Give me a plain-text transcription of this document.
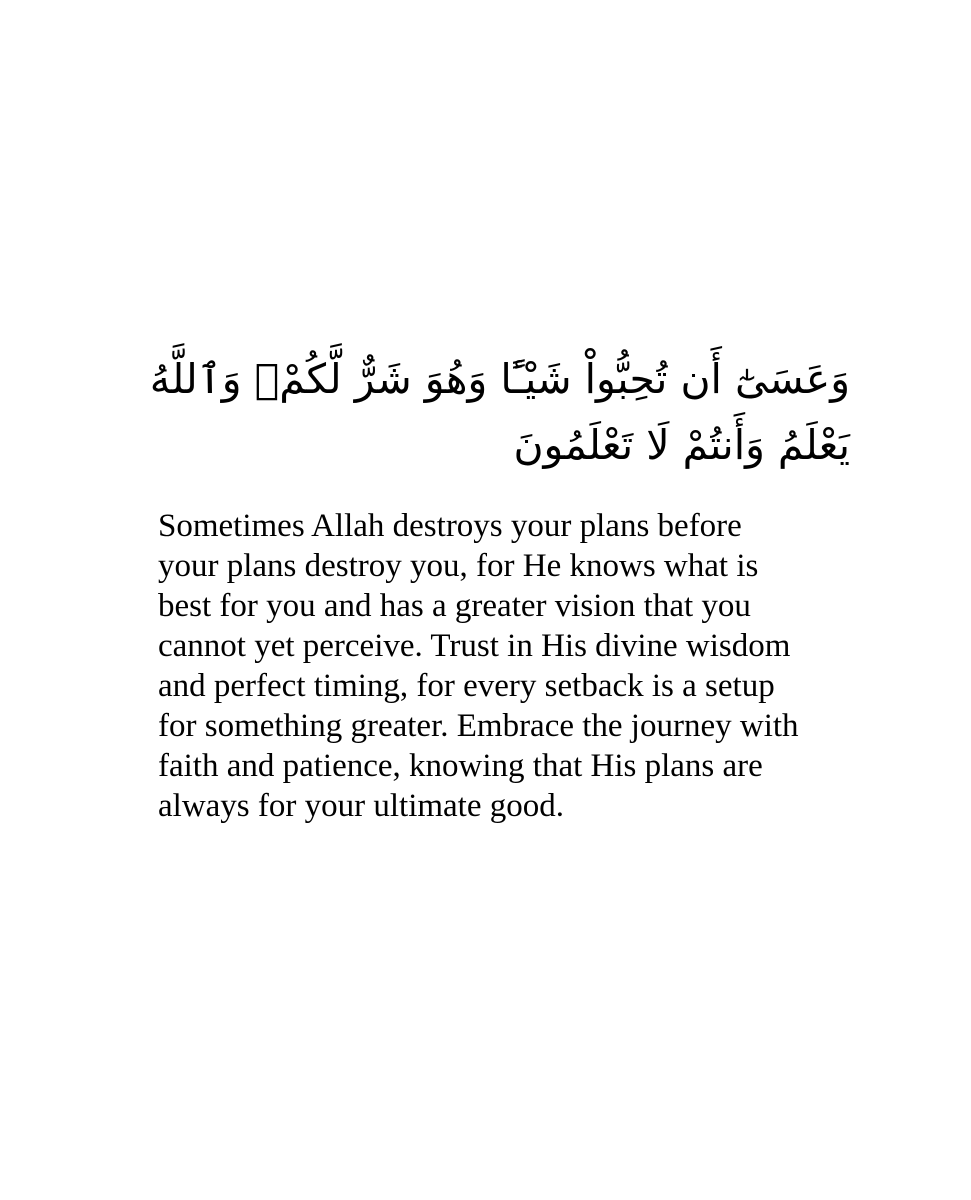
وَعَسَىٰٓ أَن تُحِبُّواْ شَيْـًٔا وَهُوَ شَرٌّ لَّكُمْۗ وَٱللَّهُ
يَعْلَمُ وَأَنتُمْ لَا تَعْلَمُونَ
Sometimes Allah destroys your plans before
your plans destroy you, for He knows what is
best for you and has a greater vision that you
cannot yet perceive. Trust in His divine wisdom
and perfect timing, for every setback is a setup
for something greater. Embrace the journey with
faith and patience, knowing that His plans are
always for your ultimate good.
